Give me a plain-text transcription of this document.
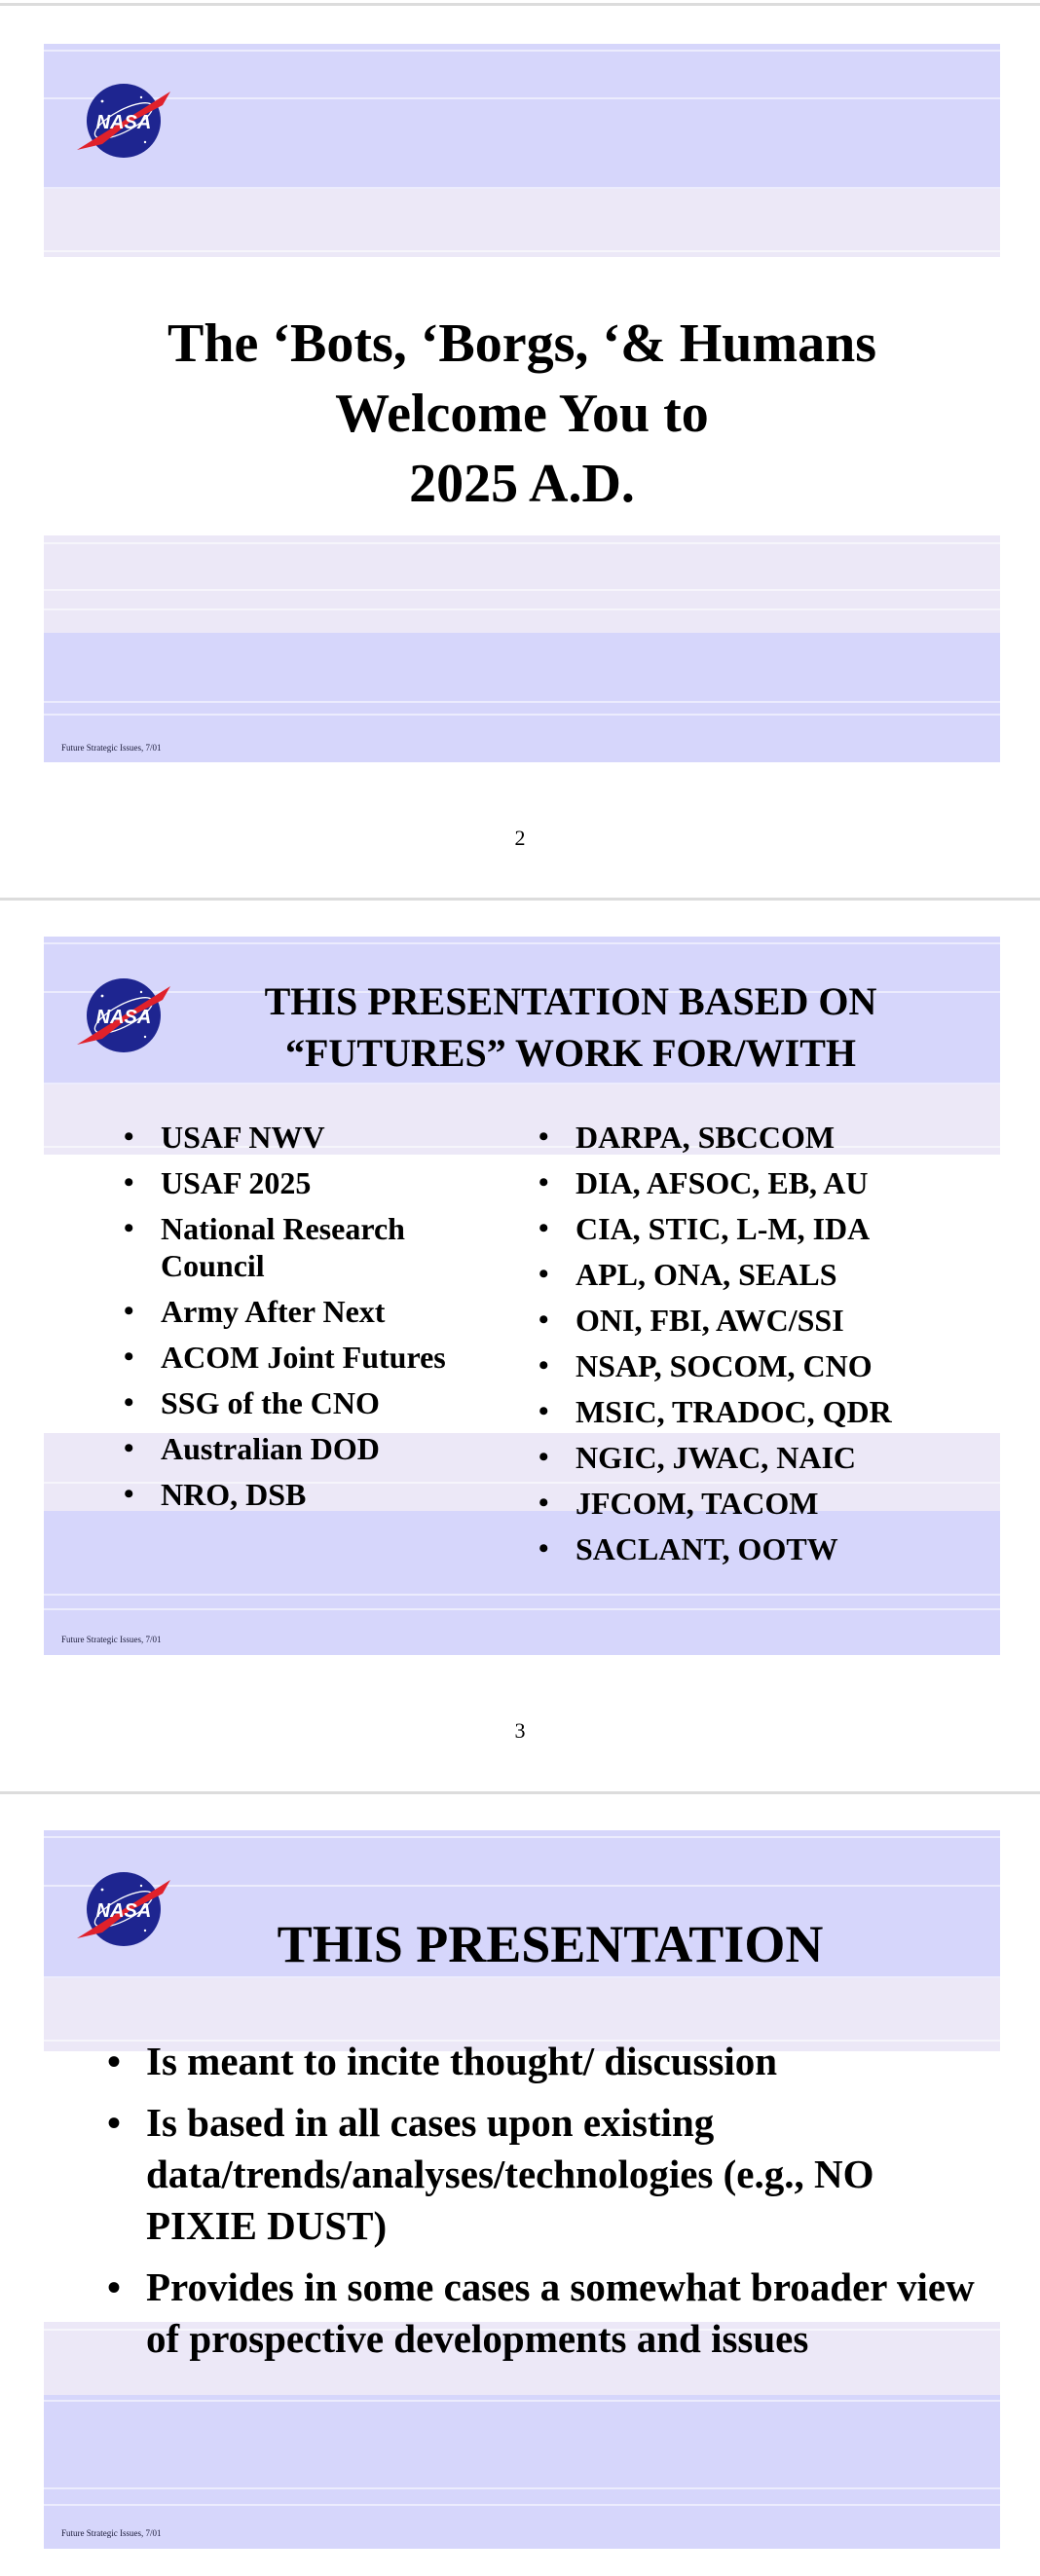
NASA
The ‘Bots, ‘Borgs, ‘& Humans
Welcome You to
2025 A.D.
Future Strategic Issues, 7/01
2
NASA	THIS PRESENTATION BASED ON
“FUTURES” WORK FOR/WITH
• USAF NWV
• USAF 2025
• National Research Council
• Army After Next
• ACOM Joint Futures
• SSG of the CNO
• Australian DOD
• NRO, DSB
• DARPA, SBCCOM
• DIA, AFSOC, EB, AU
• CIA, STIC, L-M, IDA
• APL, ONA, SEALS
• ONI, FBI, AWC/SSI
• NSAP, SOCOM, CNO
• MSIC, TRADOC, QDR
• NGIC, JWAC, NAIC
• JFCOM, TACOM
• SACLANT, OOTW
Future Strategic Issues, 7/01
3
NASA
THIS PRESENTATION
• Is meant to incite thought/ discussion
• Is based in all cases upon existing data/trends/analyses/technologies (e.g., NO PIXIE DUST)
• Provides in some cases a somewhat broader view of prospective developments and issues
Future Strategic Issues, 7/01
